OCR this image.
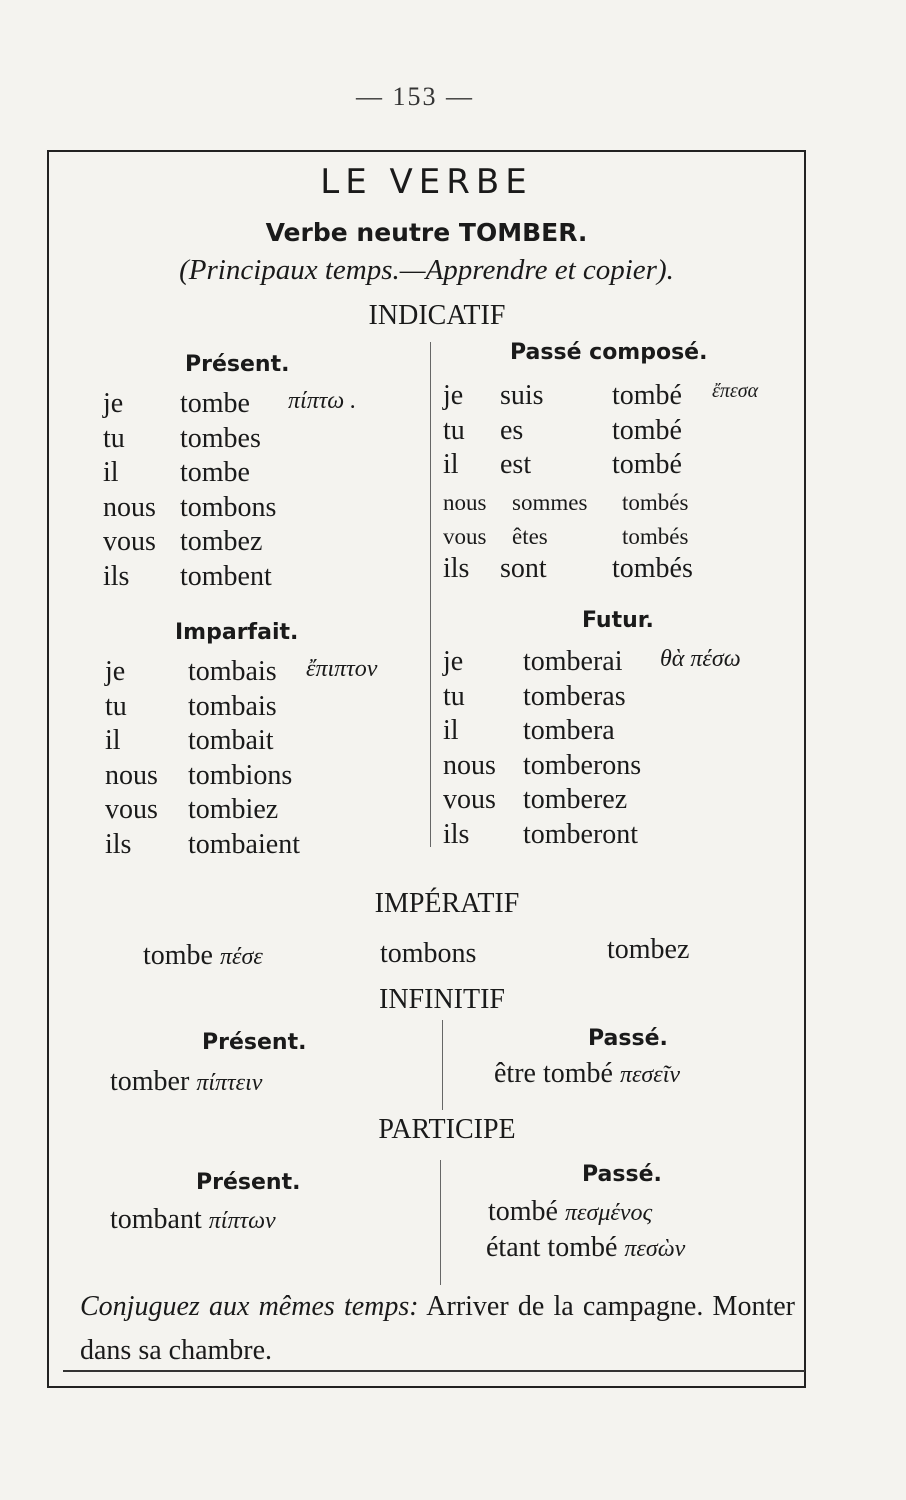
— 153 —
LE VERBE
Verbe neutre TOMBER.
(Principaux temps.—Apprendre et copier).
INDICATIF
Présent.
je tombe πίπτω .
tu tombes
il tombe
nous tombons
vous tombez
ils tombent
Passé composé.
je suis tombé ἔπεσα
tu es	tombé
il est	tombé
nous sommes tombés
vous êtes	tombés
ils sont tombés
Imparfait.
je tombais ἔπιπτον
tu tombais
il tombait
nous tombions
vous tombiez
ils tombaient
Futur.
je tomberai θὰ πέσω
tu tomberas
il tombera
nous tomberons
vous tomberez
ils tomberont
IMPÉRATIF
tombe πέσε	tombons	tombez
INFINITIF
Présent.
tomber πίπτειν
Passé.
être tombé πεσεῖν
PARTICIPE
Présent.
tombant πίπτων
Passé.
tombé πεσμένος
étant tombé πεσὼν
Conjuguez aux mêmes temps: Arriver de la campagne. Monter dans sa chambre.
